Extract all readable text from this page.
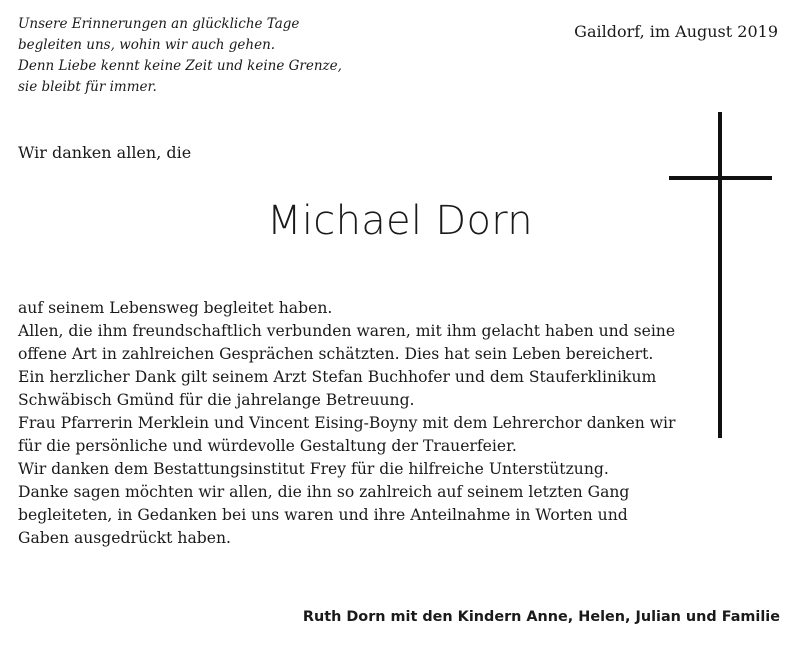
Unsere Erinnerungen an glückliche Tage
begleiten uns, wohin wir auch gehen.
Denn Liebe kennt keine Zeit und keine Grenze,
sie bleibt für immer.
Gaildorf, im August 2019
Wir danken allen, die
Michael Dorn
auf seinem Lebensweg begleitet haben.
Allen, die ihm freundschaftlich verbunden waren, mit ihm gelacht haben und seine
offene Art in zahlreichen Gesprächen schätzten. Dies hat sein Leben bereichert.
Ein herzlicher Dank gilt seinem Arzt Stefan Buchhofer und dem Stauferklinikum
Schwäbisch Gmünd für die jahrelange Betreuung.
Frau Pfarrerin Merklein und Vincent Eising-Boyny mit dem Lehrerchor danken wir
für die persönliche und würdevolle Gestaltung der Trauerfeier.
Wir danken dem Bestattungsinstitut Frey für die hilfreiche Unterstützung.
Danke sagen möchten wir allen, die ihn so zahlreich auf seinem letzten Gang
begleiteten, in Gedanken bei uns waren und ihre Anteilnahme in Worten und
Gaben ausgedrückt haben.
Ruth Dorn mit den Kindern Anne, Helen, Julian und Familie
